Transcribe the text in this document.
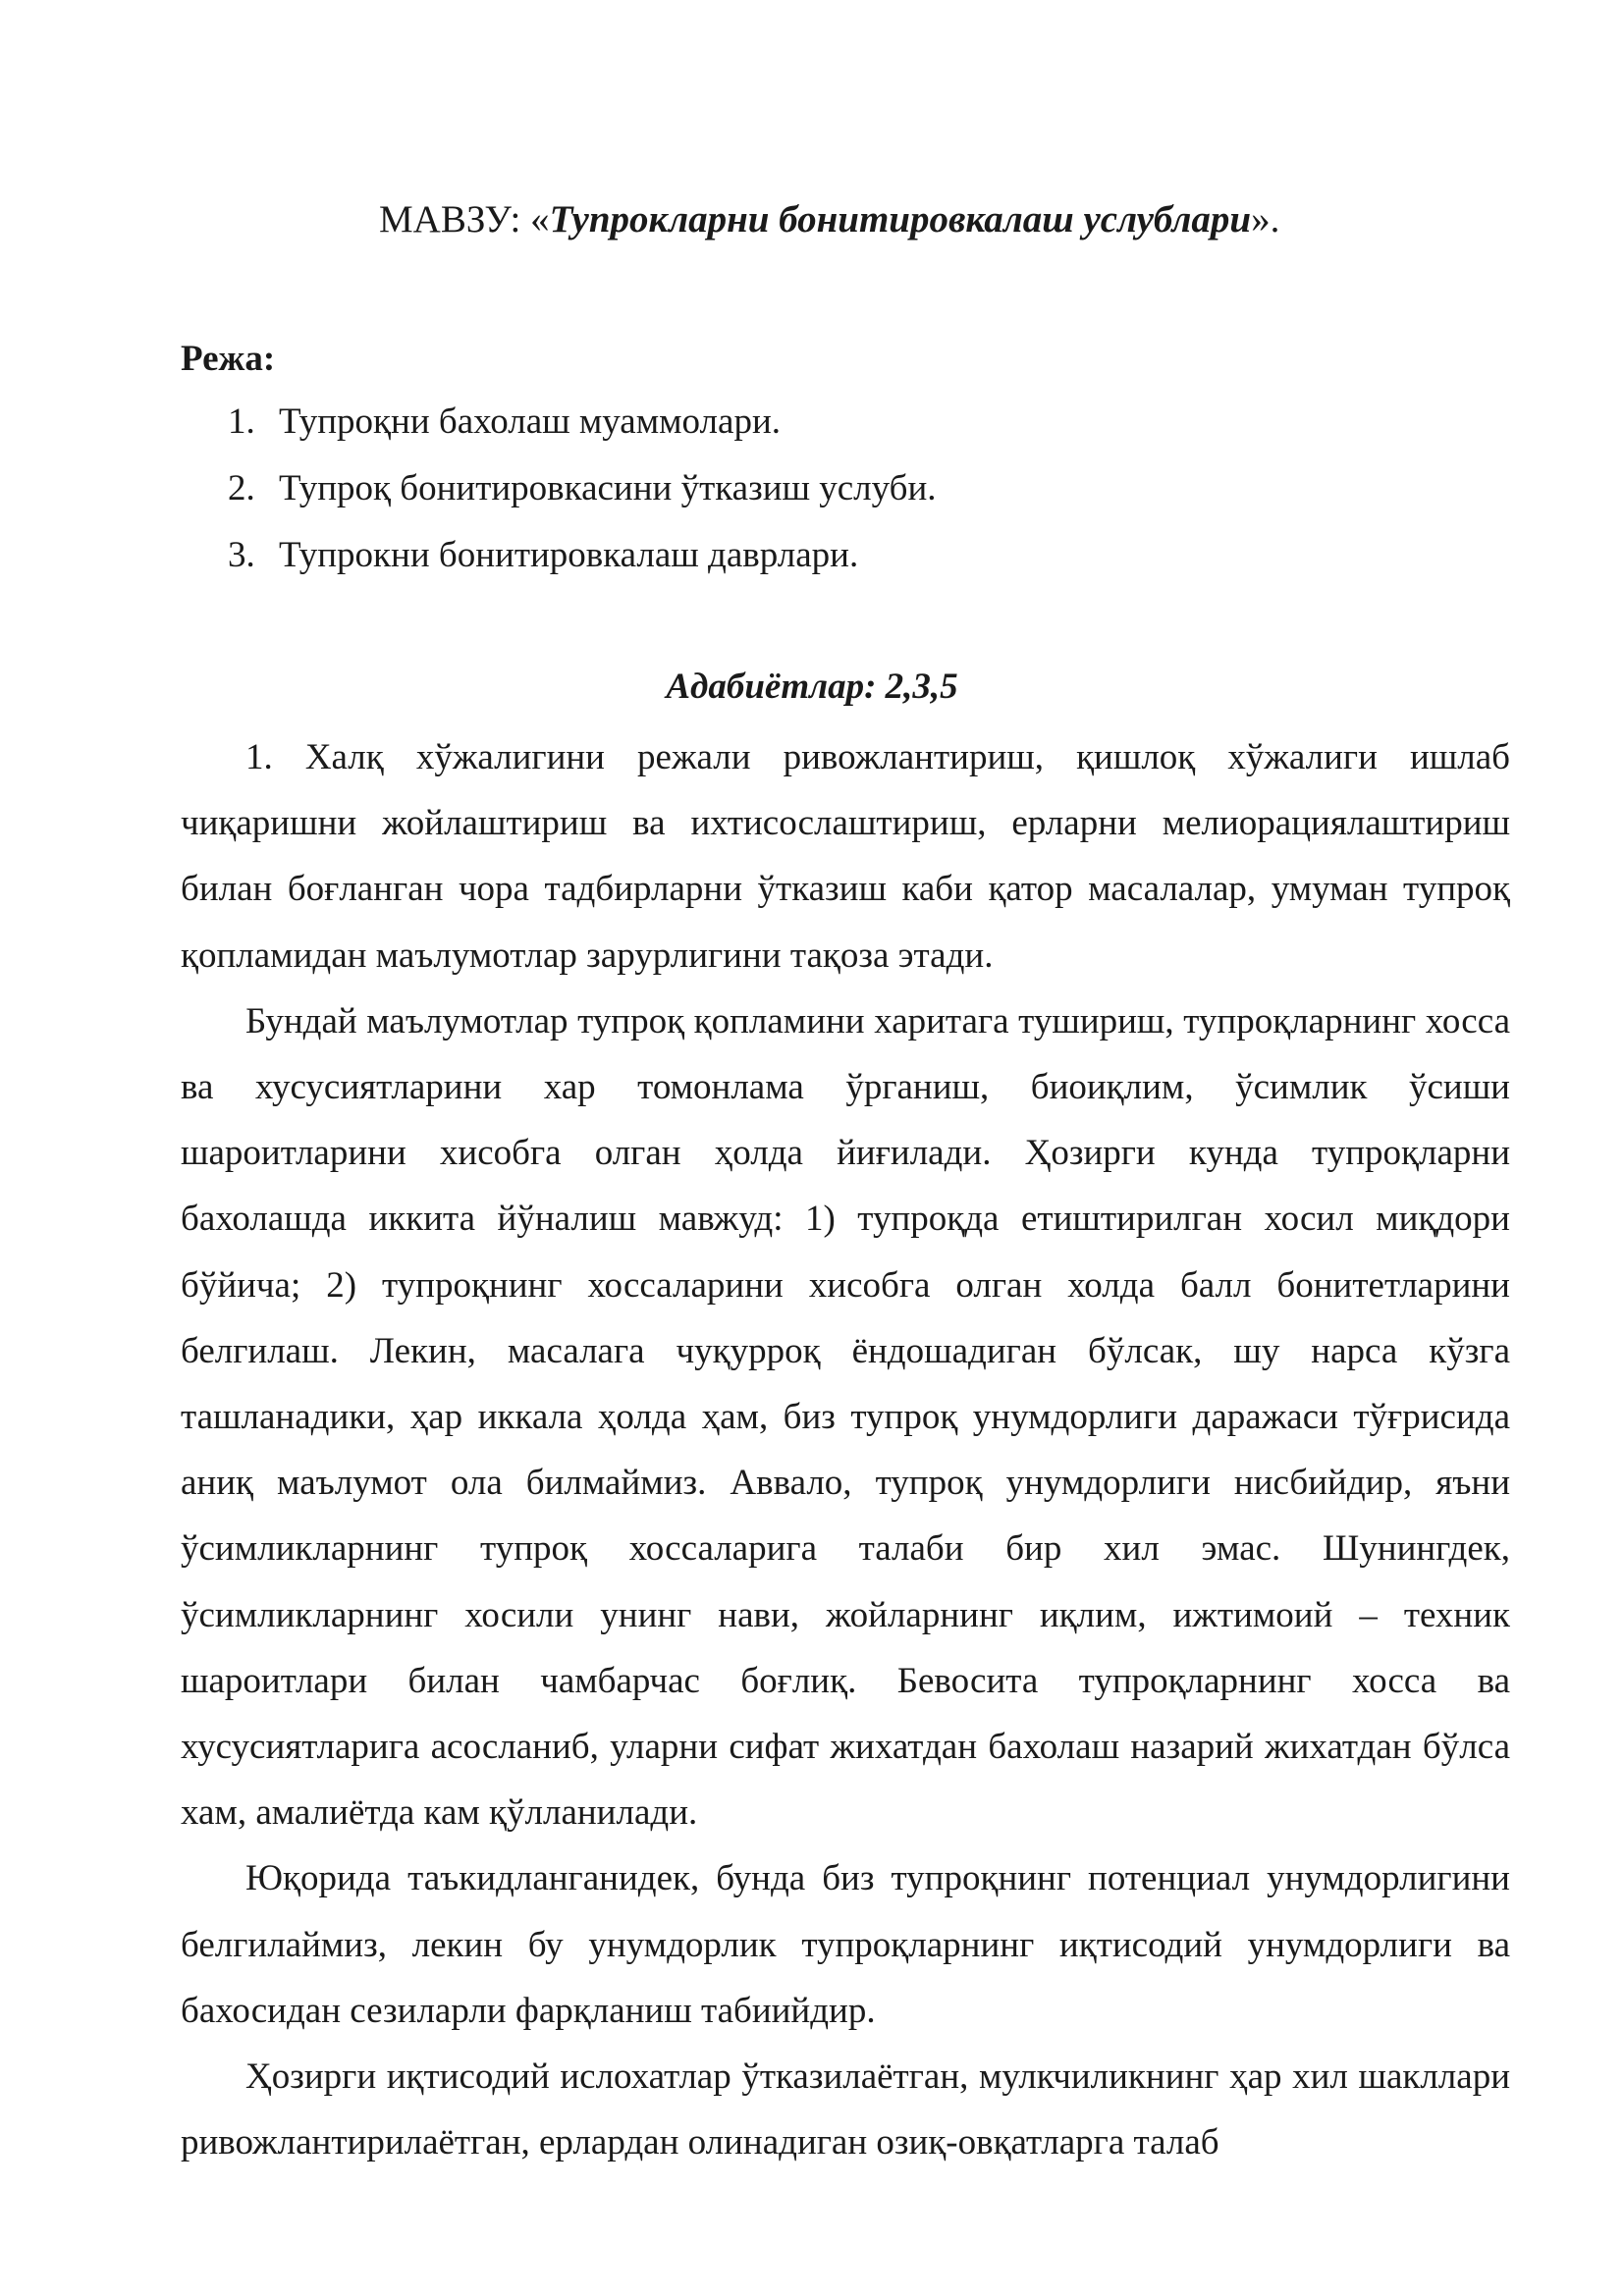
МАВЗУ: «Тупрокларни бонитировкалаш услублари».
Режа:
1. Тупроқни бахолаш муаммолари.
2. Тупроқ бонитировкасини ўтказиш услуби.
3. Тупрокни бонитировкалаш даврлари.
Адабиётлар: 2,3,5

1. Халқ хўжалигини режали ривожлантириш, қишлоқ хўжалиги ишлаб чиқаришни жойлаштириш ва ихтисослаштириш, ерларни мелиорациялаштириш билан боғланган чора тадбирларни ўтказиш каби қатор масалалар, умуман тупроқ қопламидан маълумотлар зарурлигини тақоза этади.

Бундай маълумотлар тупроқ қопламини харитага тушириш, тупроқларнинг хосса ва хусусиятларини хар томонлама ўрганиш, биоиқлим, ўсимлик ўсиши шароитларини хисобга олган ҳолда йиғилади. Ҳозирги кунда тупроқларни бахолашда иккита йўналиш мавжуд: 1) тупроқда етиштирилган хосил миқдори бўйича; 2) тупроқнинг хоссаларини хисобга олган холда балл бонитетларини белгилаш. Лекин, масалага чуқурроқ ёндошадиган бўлсак, шу нарса кўзга ташланадики, ҳар иккала ҳолда ҳам, биз тупроқ унумдорлиги даражаси тўғрисида аниқ маълумот ола билмаймиз. Аввало, тупроқ унумдорлиги нисбийдир, яъни ўсимликларнинг тупроқ хоссаларига талаби бир хил эмас. Шунингдек, ўсимликларнинг хосили унинг нави, жойларнинг иқлим, ижтимоий – техник шароитлари билан чамбарчас боғлиқ. Бевосита тупроқларнинг хосса ва хусусиятларига асосланиб, уларни сифат жихатдан бахолаш назарий жихатдан бўлса хам, амалиётда кам қўлланилади.

Юқорида таъкидланганидек, бунда биз тупроқнинг потенциал унумдорлигини белгилаймиз, лекин бу унумдорлик тупроқларнинг иқтисодий унумдорлиги ва бахосидан сезиларли фарқланиш табиийдир.

Ҳозирги иқтисодий ислохатлар ўтказилаётган, мулкчиликнинг ҳар хил шакллари ривожлантирилаётган, ерлардан олинадиган озиқ-овқатларга талаб
